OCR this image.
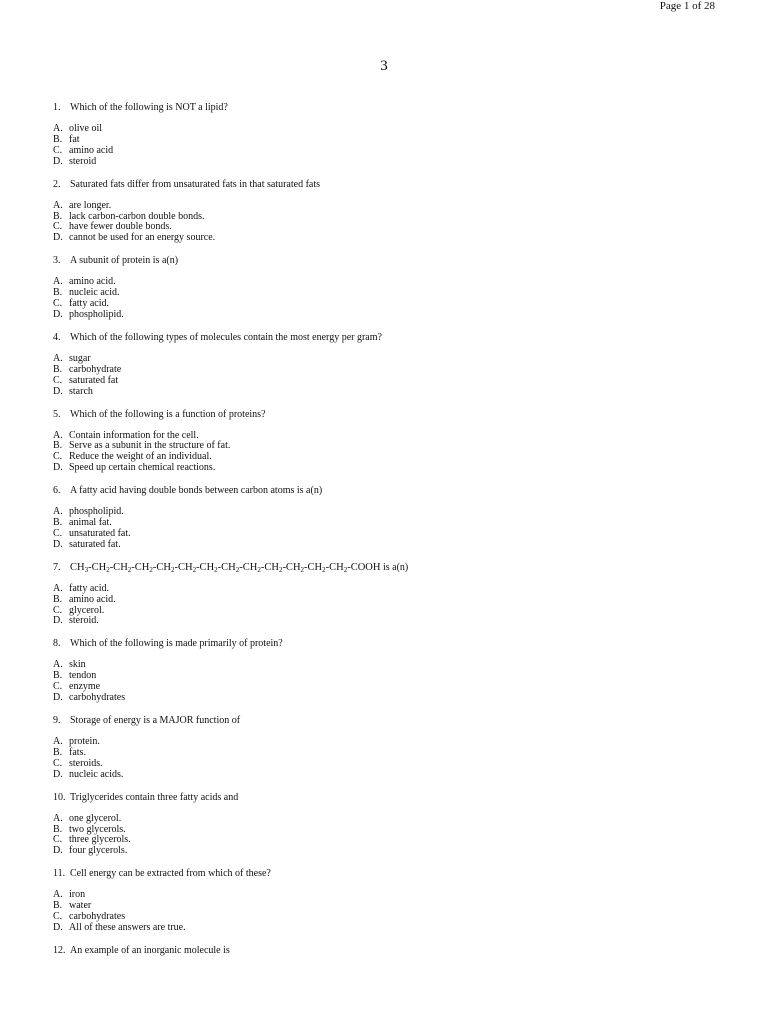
Page 1 of 28
3
1. Which of the following is NOT a lipid?
A. olive oil
B. fat
C. amino acid
D. steroid
2. Saturated fats differ from unsaturated fats in that saturated fats
A. are longer.
B. lack carbon-carbon double bonds.
C. have fewer double bonds.
D. cannot be used for an energy source.
3. A subunit of protein is a(n)
A. amino acid.
B. nucleic acid.
C. fatty acid.
D. phospholipid.
4. Which of the following types of molecules contain the most energy per gram?
A. sugar
B. carbohydrate
C. saturated fat
D. starch
5. Which of the following is a function of proteins?
A. Contain information for the cell.
B. Serve as a subunit in the structure of fat.
C. Reduce the weight of an individual.
D. Speed up certain chemical reactions.
6. A fatty acid having double bonds between carbon atoms is a(n)
A. phospholipid.
B. animal fat.
C. unsaturated fat.
D. saturated fat.
7. $CH_3-CH_2-CH_2-CH_2-CH_2-CH_2-CH_2-CH_2-CH_2-CH_2-CH_2-CH_2-CH_2$-COOH is a(n)
A. fatty acid.
B. amino acid.
C. glycerol.
D. steroid.
8. Which of the following is made primarily of protein?
A. skin
B. tendon
C. enzyme
D. carbohydrates
9. Storage of energy is a MAJOR function of
A. protein.
B. fats.
C. steroids.
D. nucleic acids.
10. Triglycerides contain three fatty acids and
A. one glycerol.
B. two glycerols.
C. three glycerols.
D. four glycerols.
11. Cell energy can be extracted from which of these?
A. iron
B. water
C. carbohydrates
D. All of these answers are true.
12. An example of an inorganic molecule is
